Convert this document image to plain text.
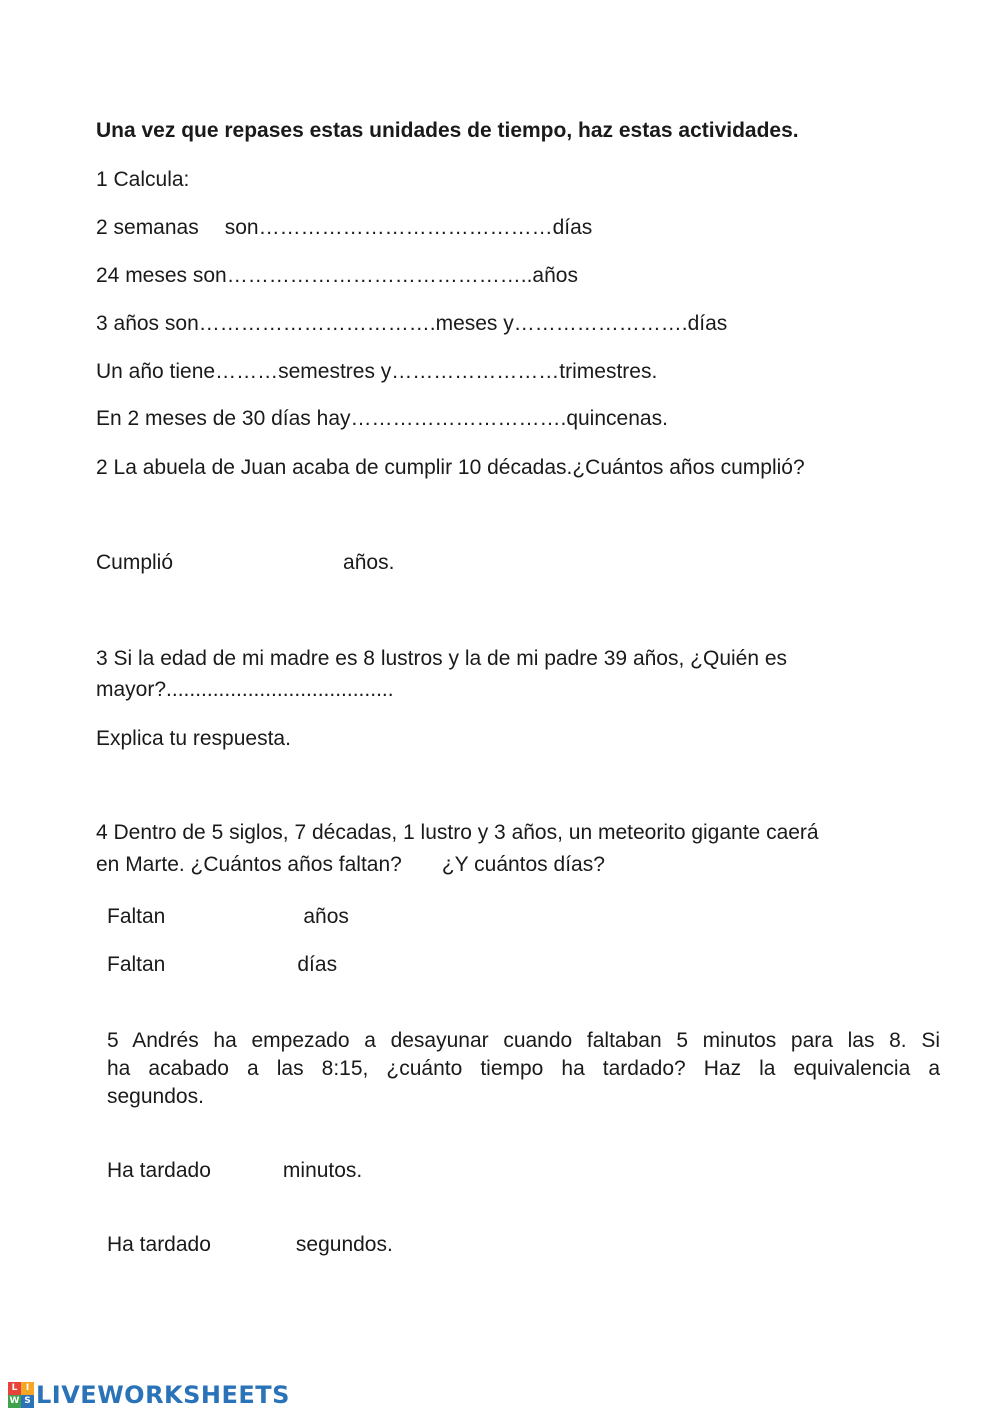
Una vez que repases estas unidades de tiempo, haz estas actividades.

1 Calcula:

2 semanas son……………………………………días

24 meses son……………………………………..años

3 años son…………………………….meses y…………………….días

Un año tiene………semestres y……………………trimestres.

En 2 meses de 30 días hay………………………….quincenas.

2 La abuela de Juan acaba de cumplir 10 décadas.¿Cuántos años cumplió?

Cumplió	años.

3 Si la edad de mi madre es 8 lustros y la de mi padre 39 años, ¿Quién es

mayor?.......................................

Explica tu respuesta.

4 Dentro de 5 siglos, 7 décadas, 1 lustro y 3 años, un meteorito gigante caerá

en Marte. ¿Cuántos años faltan? ¿Y cuántos días?

Faltan	años

Faltan	días

5 Andrés ha empezado a desayunar cuando faltaban 5 minutos para las 8. Si

ha acabado a las 8:15, ¿cuánto tiempo ha tardado? Haz la equivalencia a

segundos.

Ha tardado	minutos.

Ha tardado	segundos.

L I
W S LIVEWORKSHEETS
